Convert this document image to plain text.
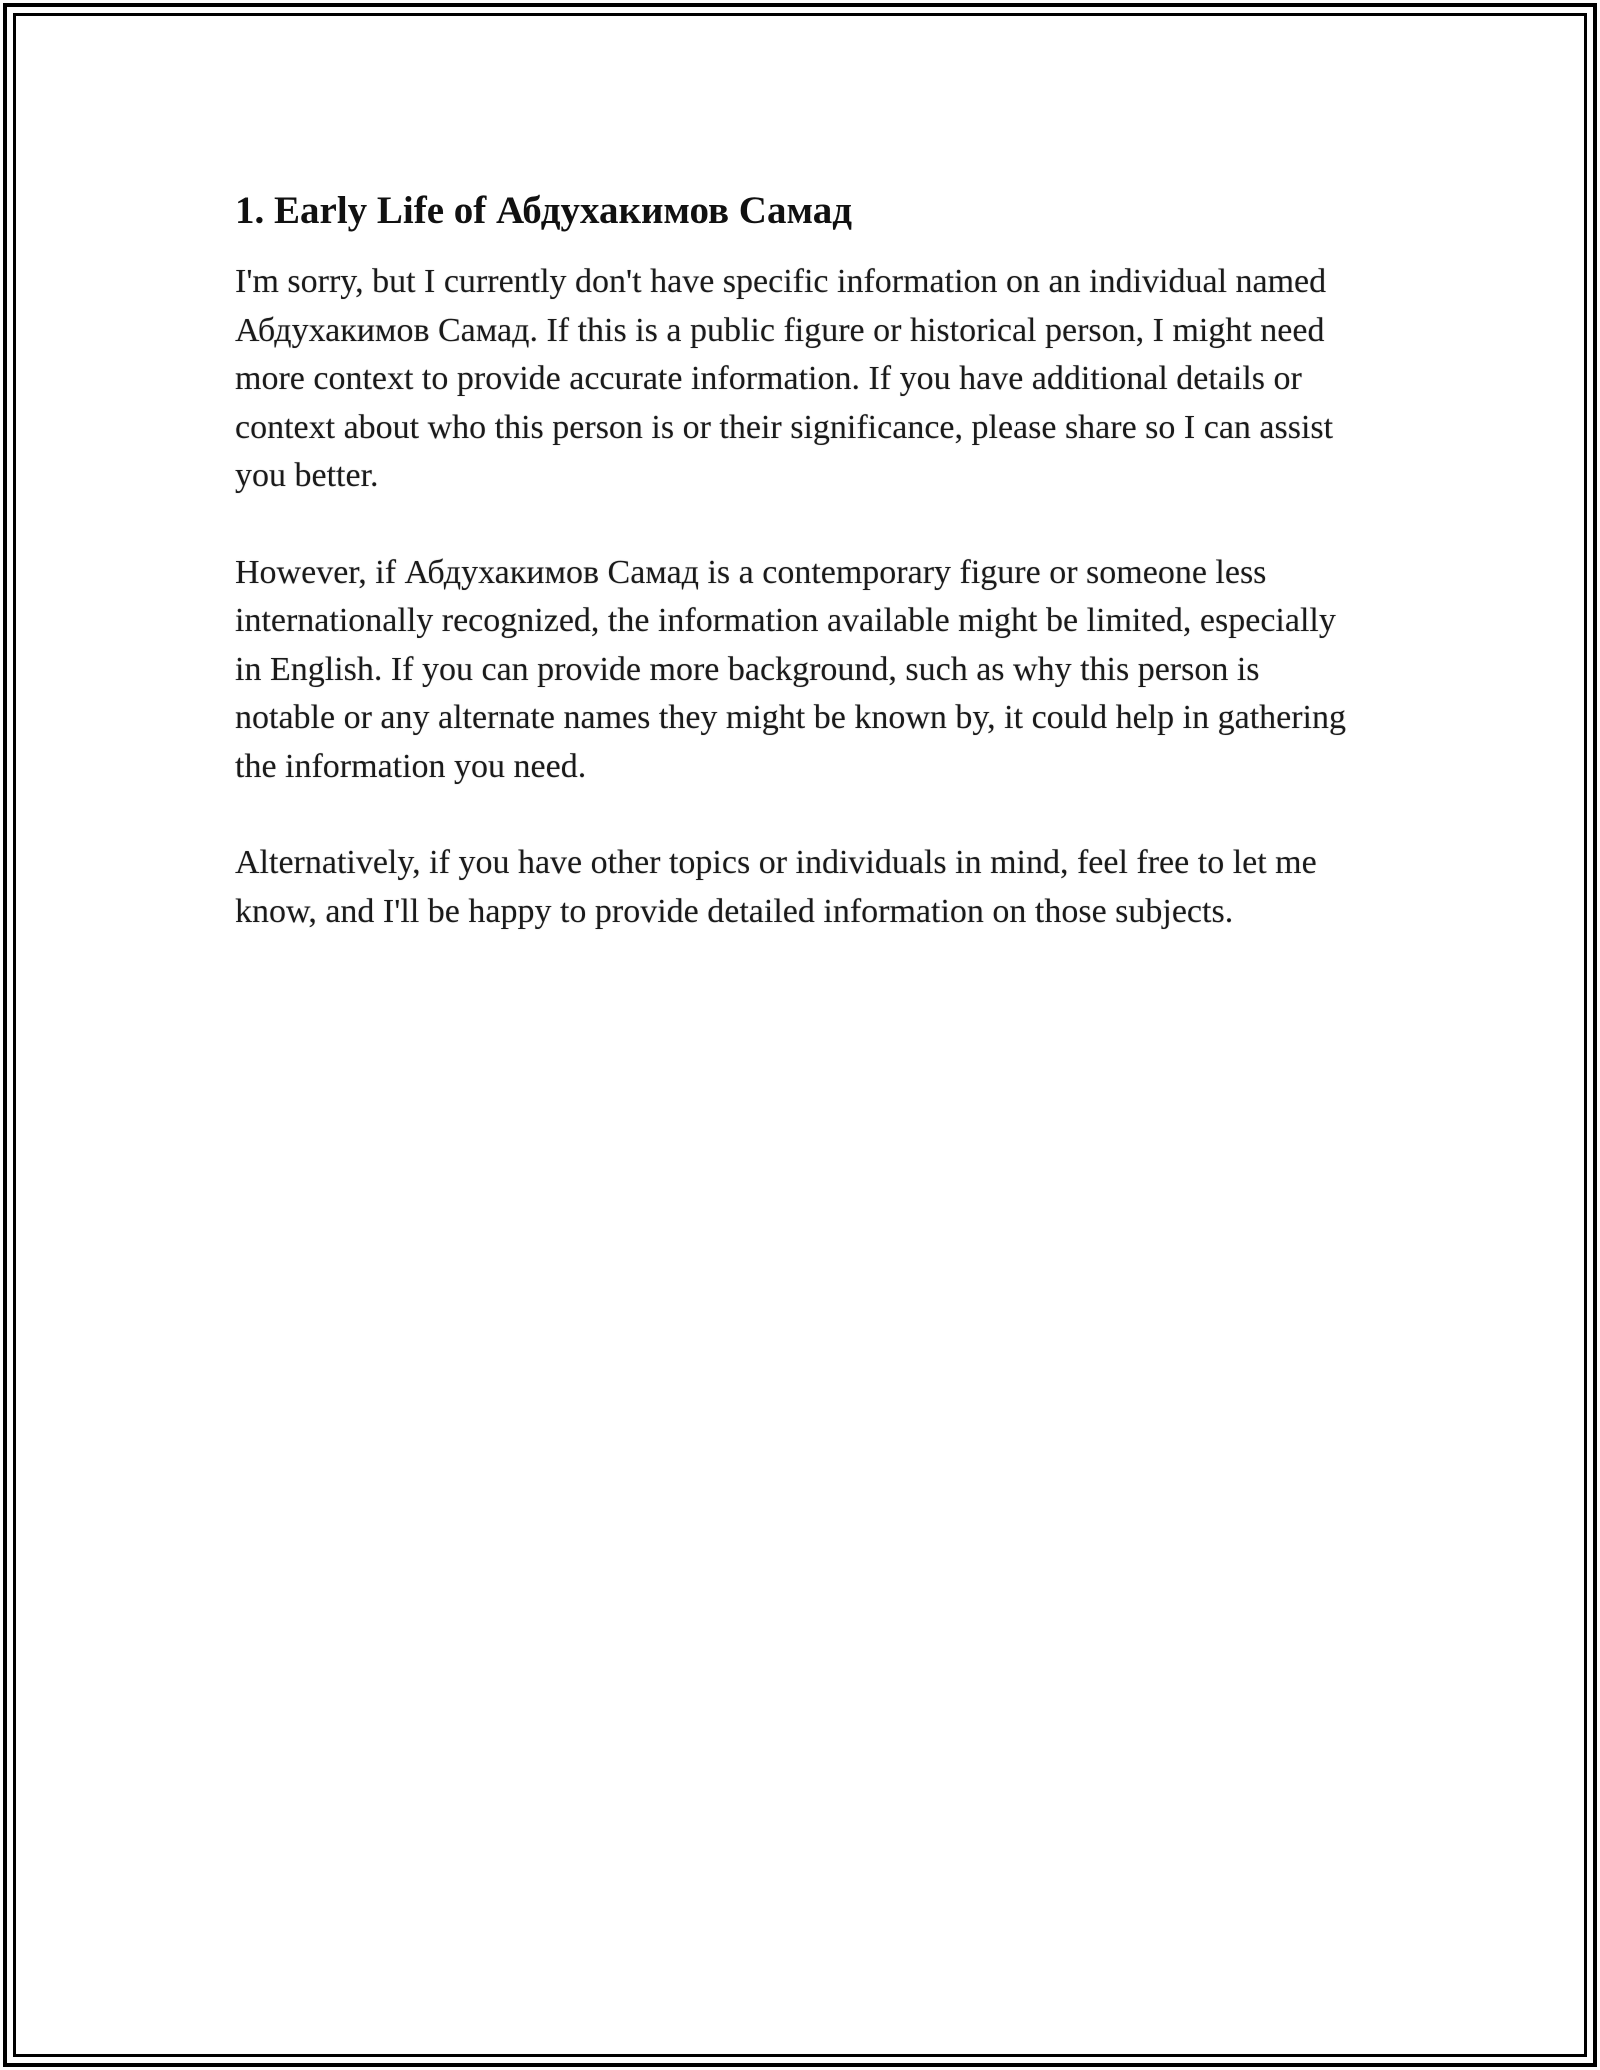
1. Early Life of Абдухакимов Самад

I'm sorry, but I currently don't have specific information on an individual named Абдухакимов Самад. If this is a public figure or historical person, I might need more context to provide accurate information. If you have additional details or context about who this person is or their significance, please share so I can assist you better.

However, if Абдухакимов Самад is a contemporary figure or someone less internationally recognized, the information available might be limited, especially in English. If you can provide more background, such as why this person is notable or any alternate names they might be known by, it could help in gathering the information you need.

Alternatively, if you have other topics or individuals in mind, feel free to let me know, and I'll be happy to provide detailed information on those subjects.
